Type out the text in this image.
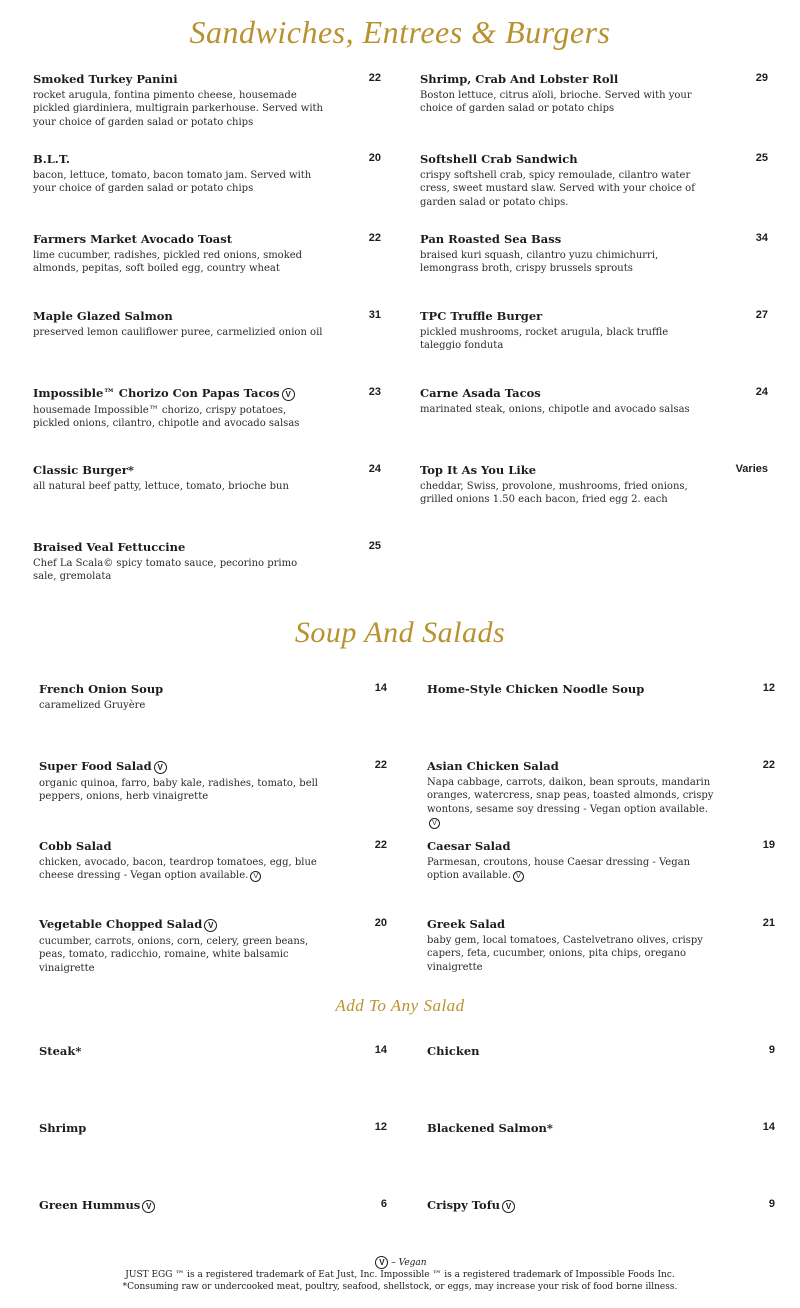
Sandwiches, Entrees & Burgers
Smoked Turkey Panini	22
rocket arugula, fontina pimento cheese, housemade pickled giardiniera, multigrain parkerhouse. Served with your choice of garden salad or potato chips
Shrimp, Crab And Lobster Roll	29
Boston lettuce, citrus aïoli, brioche. Served with your choice of garden salad or potato chips
B.L.T.	20
bacon, lettuce, tomato, bacon tomato jam. Served with your choice of garden salad or potato chips
Softshell Crab Sandwich	25
crispy softshell crab, spicy remoulade, cilantro water cress, sweet mustard slaw. Served with your choice of garden salad or potato chips.
Farmers Market Avocado Toast	22
lime cucumber, radishes, pickled red onions, smoked almonds, pepitas, soft boiled egg, country wheat
Pan Roasted Sea Bass	34
braised kuri squash, cilantro yuzu chimichurri, lemongrass broth, crispy brussels sprouts
Maple Glazed Salmon	31
preserved lemon cauliflower puree, carmelizied onion oil
TPC Truffle Burger	27
pickled mushrooms, rocket arugula, black truffle taleggio fonduta
Impossible™ Chorizo Con Papas Tacos V	23
housemade Impossible™ chorizo, crispy potatoes, pickled onions, cilantro, chipotle and avocado salsas
Carne Asada Tacos	24
marinated steak, onions, chipotle and avocado salsas
Classic Burger*	24
all natural beef patty, lettuce, tomato, brioche bun
Top It As You Like	Varies
cheddar, Swiss, provolone, mushrooms, fried onions, grilled onions 1.50 each bacon, fried egg 2. each
Braised Veal Fettuccine	25
Chef La Scala© spicy tomato sauce, pecorino primo sale, gremolata
Soup And Salads
French Onion Soup	14
caramelized Gruyère
Home-Style Chicken Noodle Soup	12
Super Food Salad V	22
organic quinoa, farro, baby kale, radishes, tomato, bell peppers, onions, herb vinaigrette
Asian Chicken Salad	22
Napa cabbage, carrots, daikon, bean sprouts, mandarin oranges, watercress, snap peas, toasted almonds, crispy wontons, sesame soy dressing - Vegan option available.V
Cobb Salad	22
chicken, avocado, bacon, teardrop tomatoes, egg, blue cheese dressing - Vegan option available. V
Caesar Salad	19
Parmesan, croutons, house Caesar dressing - Vegan option available. V
Vegetable Chopped Salad V	20
cucumber, carrots, onions, corn, celery, green beans, peas, tomato, radicchio, romaine, white balsamic vinaigrette
Greek Salad	21
baby gem, local tomatoes, Castelvetrano olives, crispy capers, feta, cucumber, onions, pita chips, oregano vinaigrette
Add To Any Salad
Steak*	14	Chicken	9
Shrimp	12	Blackened Salmon*	14
Green Hummus V	6	Crispy Tofu V	9
V – Vegan
JUST EGG ™ is a registered trademark of Eat Just, Inc. Impossible ™ is a registered trademark of Impossible Foods Inc.
*Consuming raw or undercooked meat, poultry, seafood, shellstock, or eggs, may increase your risk of food borne illness.
